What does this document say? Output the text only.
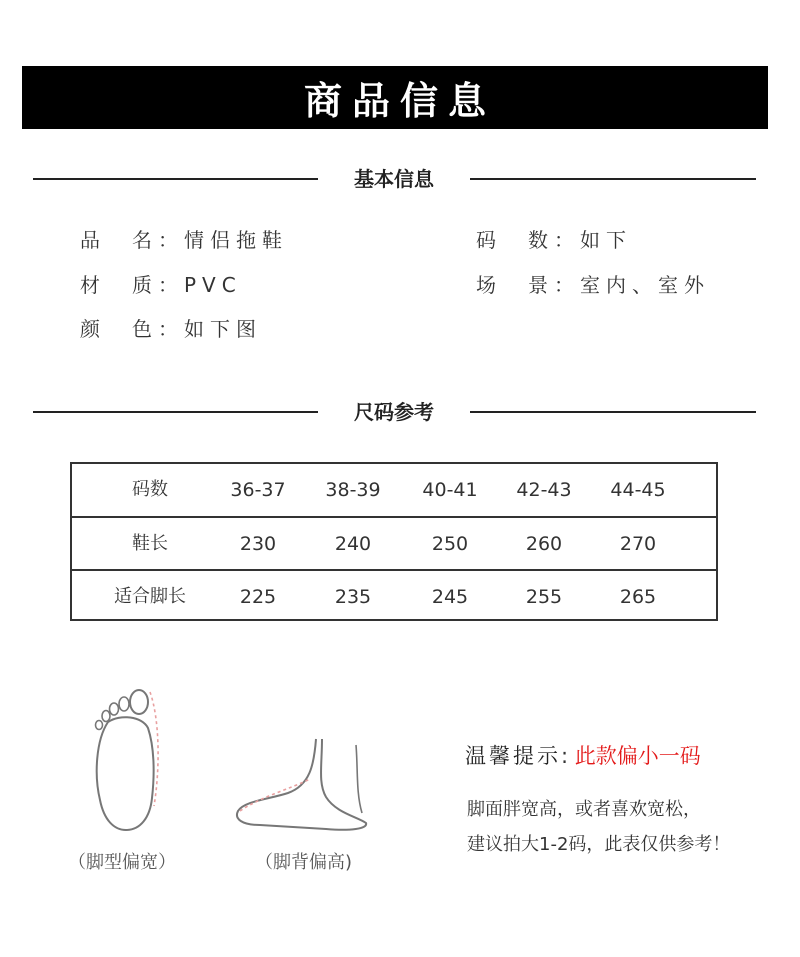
商品信息
基本信息
品　名：情侣拖鞋	码　数：如下
材　质：PVC	场　景：室内、室外
颜　色：如下图
尺码参考
码数	36-37	38-39	40-41	42-43	44-45
鞋长	230	240	250	260	270
适合脚长	225	235	245	255	265
（脚型偏宽）	（脚背偏高)
温馨提示: 此款偏小一码
脚面胖宽高，或者喜欢宽松，
建议拍大1-2码，此表仅供参考！
